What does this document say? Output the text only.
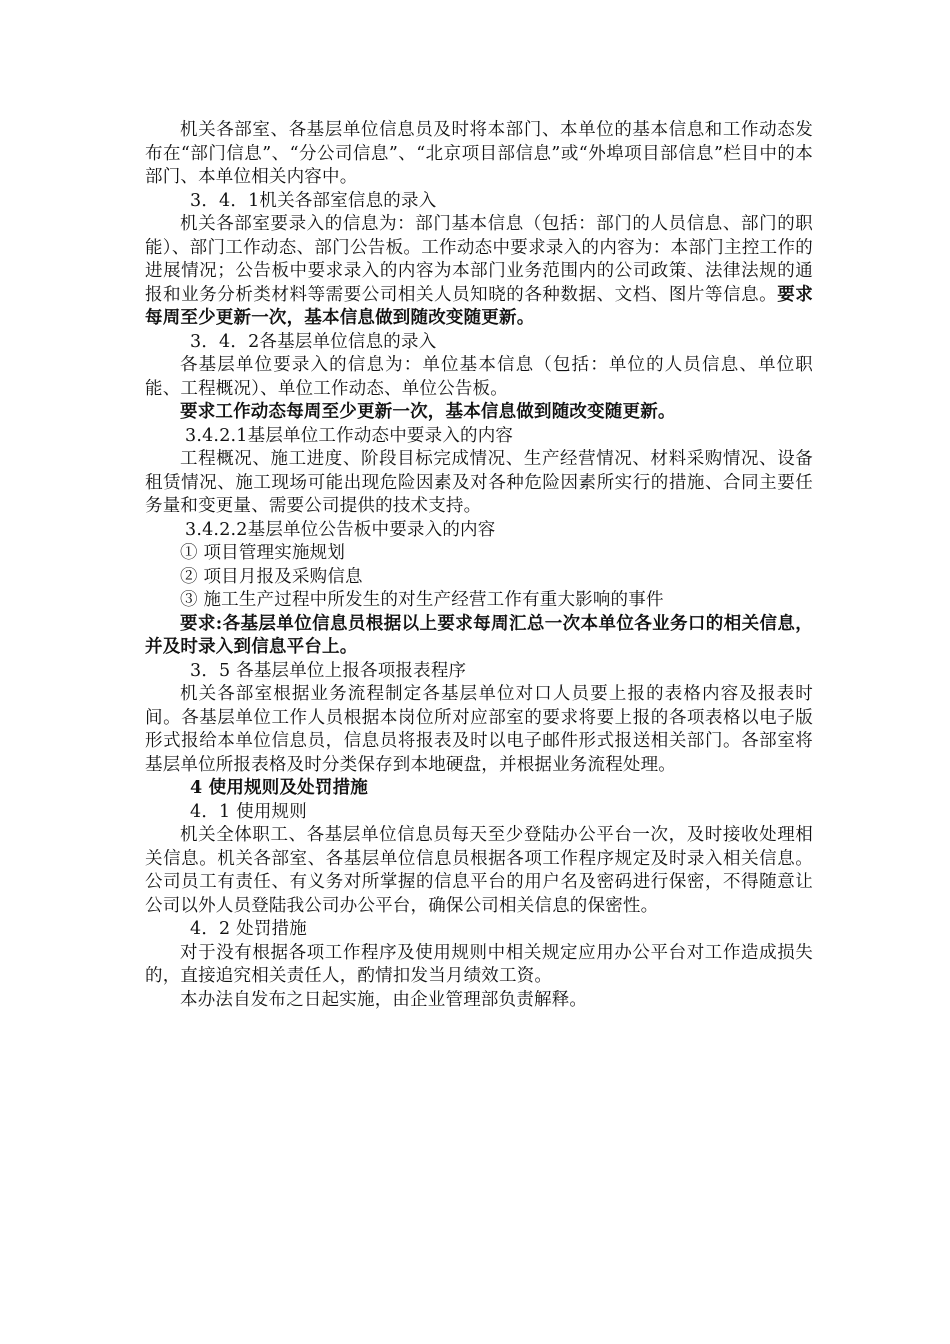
机关各部室、各基层单位信息员及时将本部门、本单位的基本信息和工作动态发布在“部门信息”、“分公司信息”、“北京项目部信息”或“外埠项目部信息”栏目中的本部门、本单位相关内容中。
3．4．1机关各部室信息的录入
机关各部室要录入的信息为：部门基本信息（包括：部门的人员信息、部门的职能）、部门工作动态、部门公告板。工作动态中要求录入的内容为：本部门主控工作的进展情况；公告板中要求录入的内容为本部门业务范围内的公司政策、法律法规的通报和业务分析类材料等需要公司相关人员知晓的各种数据、文档、图片等信息。要求每周至少更新一次，基本信息做到随改变随更新。
3．4．2各基层单位信息的录入
各基层单位要录入的信息为：单位基本信息（包括：单位的人员信息、单位职能、工程概况）、单位工作动态、单位公告板。
要求工作动态每周至少更新一次，基本信息做到随改变随更新。
3.4.2.1基层单位工作动态中要录入的内容
工程概况、施工进度、阶段目标完成情况、生产经营情况、材料采购情况、设备租赁情况、施工现场可能出现危险因素及对各种危险因素所实行的措施、合同主要任务量和变更量、需要公司提供的技术支持。
3.4.2.2基层单位公告板中要录入的内容
① 项目管理实施规划
② 项目月报及采购信息
③ 施工生产过程中所发生的对生产经营工作有重大影响的事件
要求:各基层单位信息员根据以上要求每周汇总一次本单位各业务口的相关信息，并及时录入到信息平台上。
3．5 各基层单位上报各项报表程序
机关各部室根据业务流程制定各基层单位对口人员要上报的表格内容及报表时间。各基层单位工作人员根据本岗位所对应部室的要求将要上报的各项表格以电子版形式报给本单位信息员，信息员将报表及时以电子邮件形式报送相关部门。各部室将基层单位所报表格及时分类保存到本地硬盘，并根据业务流程处理。
4 使用规则及处罚措施
4．1 使用规则
机关全体职工、各基层单位信息员每天至少登陆办公平台一次，及时接收处理相关信息。机关各部室、各基层单位信息员根据各项工作程序规定及时录入相关信息。公司员工有责任、有义务对所掌握的信息平台的用户名及密码进行保密，不得随意让公司以外人员登陆我公司办公平台，确保公司相关信息的保密性。
4．2 处罚措施
对于没有根据各项工作程序及使用规则中相关规定应用办公平台对工作造成损失的，直接追究相关责任人，酌情扣发当月绩效工资。
本办法自发布之日起实施，由企业管理部负责解释。
